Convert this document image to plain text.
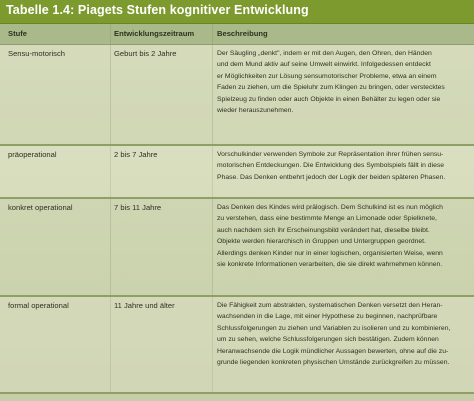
Tabelle 1.4: Piagets Stufen kognitiver Entwicklung
Stufe	Entwicklungszeitraum	Beschreibung
Sensu-motorisch	Geburt bis 2 Jahre	Der Säugling „denkt", indem er mit den Augen, den Ohren, den Händen
und dem Mund aktiv auf seine Umwelt einwirkt. Infolgedessen entdeckt
er Möglichkeiten zur Lösung sensumotorischer Probleme, etwa an einem
Faden zu ziehen, um die Spieluhr zum Klingen zu bringen, oder verstecktes
Spielzeug zu finden oder auch Objekte in einen Behälter zu legen oder sie
wieder herauszunehmen.
präoperational	2 bis 7 Jahre	Vorschulkinder verwenden Symbole zur Repräsentation ihrer frühen sensu-
motorischen Entdeckungen. Die Entwicklung des Symbolspiels fällt in diese
Phase. Das Denken entbehrt jedoch der Logik der beiden späteren Phasen.
konkret operational	7 bis 11 Jahre	Das Denken des Kindes wird prälogisch. Dem Schulkind ist es nun möglich
zu verstehen, dass eine bestimmte Menge an Limonade oder Spielknete,
auch nachdem sich ihr Erscheinungsbild verändert hat, dieselbe bleibt.
Objekte werden hierarchisch in Gruppen und Untergruppen geordnet.
Allerdings denken Kinder nur in einer logischen, organisierten Weise, wenn
sie konkrete Informationen verarbeiten, die sie direkt wahrnehmen können.
formal operational	11 Jahre und älter	Die Fähigkeit zum abstrakten, systematischen Denken versetzt den Heran-
wachsenden in die Lage, mit einer Hypothese zu beginnen, nachprüfbare
Schlussfolgerungen zu ziehen und Variablen zu isolieren und zu kombinieren,
um zu sehen, welche Schlussfolgerungen sich bestätigen. Zudem können
Heranwachsende die Logik mündlicher Aussagen bewerten, ohne auf die zu-
grunde liegenden konkreten physischen Umstände zurückgreifen zu müssen.
